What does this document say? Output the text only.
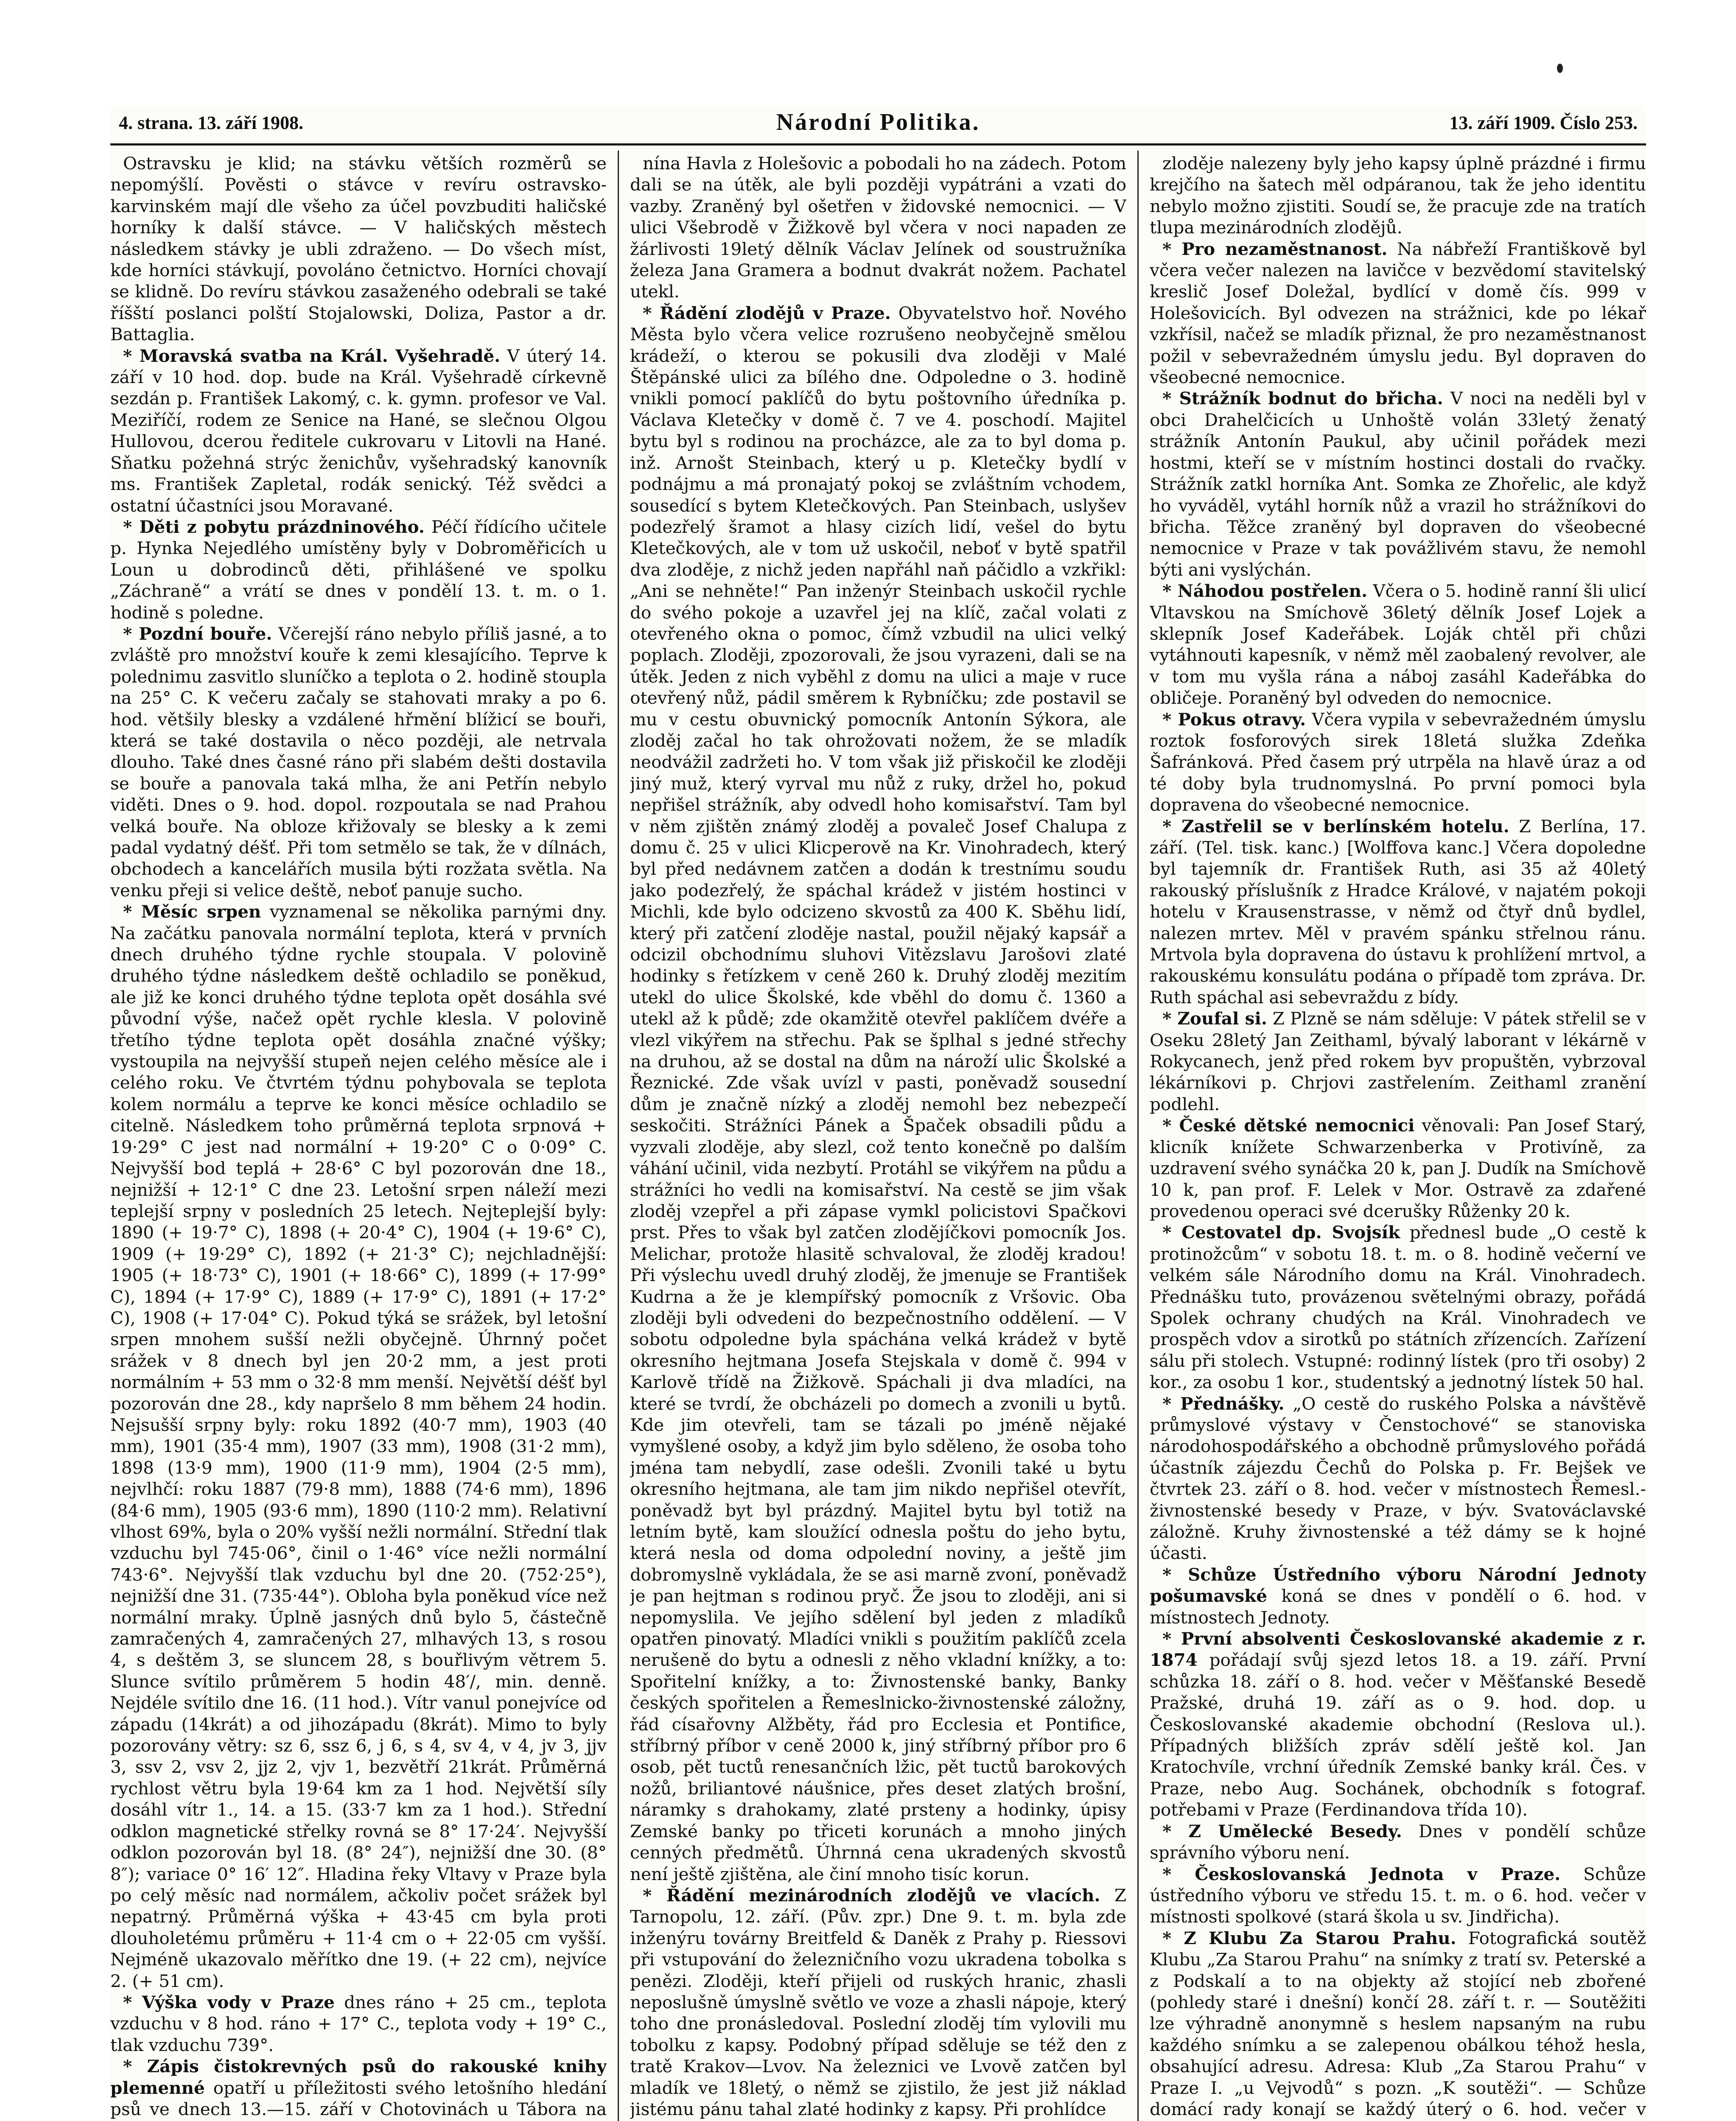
4. strana. 13. září 1908.	Národní Politika.	13. září 1909. Číslo 253.

Ostravsku je klid; na stávku větších rozměrů se nepomýšlí. Pověsti o stávce v revíru ostravsko-karvinském mají dle všeho za účel povzbuditi haličské horníky k další stávce. — V haličských městech následkem stávky je ubli zdraženo. — Do všech míst, kde horníci stávkují, povoláno četnictvo. Horníci chovají se klidně. Do revíru stávkou zasaženého odebrali se také říšští poslanci polští Stojalowski, Doliza, Pastor a dr. Battaglia.

* Moravská svatba na Král. Vyšehradě. V úterý 14. září v 10 hod. dop. bude na Král. Vyšehradě církevně sezdán p. František Lakomý, c. k. gymn. profesor ve Val. Meziříčí, rodem ze Senice na Hané, se slečnou Olgou Hullovou, dcerou ředitele cukrovaru v Litovli na Hané. Sňatku požehná strýc ženichův, vyšehradský kanovník ms. František Zapletal, rodák senický. Též svědci a ostatní účastníci jsou Moravané.

* Děti z pobytu prázdninového. Péčí řídícího učitele p. Hynka Nejedlého umístěny byly v Dobroměřicích u Loun u dobrodinců děti, přihlášené ve spolku „Záchraně“ a vrátí se dnes v pondělí 13. t. m. o 1. hodině s poledne.

* Pozdní bouře. Včerejší ráno nebylo příliš jasné, a to zvláště pro množství kouře k zemi klesajícího. Teprve k polednimu zasvitlo sluníčko a teplota o 2. hodině stoupla na 25° C. K večeru začaly se stahovati mraky a po 6. hod. většily blesky a vzdálené hřmění blížicí se bouři, která se také dostavila o něco později, ale netrvala dlouho. Také dnes časné ráno při slabém dešti dostavila se bouře a panovala taká mlha, že ani Petřín nebylo viděti. Dnes o 9. hod. dopol. rozpoutala se nad Prahou velká bouře. Na obloze křižovaly se blesky a k zemi padal vydatný déšť. Při tom setmělo se tak, že v dílnách, obchodech a kancelářích musila býti rozžata světla. Na venku přeji si velice deště, neboť panuje sucho.

* Měsíc srpen vyznamenal se několika parnými dny. Na začátku panovala normální teplota, která v prvních dnech druhého týdne rychle stoupala. V polovině druhého týdne následkem deště ochladilo se poněkud, ale již ke konci druhého týdne teplota opět dosáhla své původní výše, načež opět rychle klesla. V polovině třetího týdne teplota opět dosáhla značné výšky; vystoupila na nejvyšší stupeň nejen celého měsíce ale i celého roku. Ve čtvrtém týdnu pohybovala se teplota kolem normálu a teprve ke konci měsíce ochladilo se citelně. Následkem toho průměrná teplota srpnová + 19·29° C jest nad normální + 19·20° C o 0·09° C. Nejvyšší bod teplá + 28·6° C byl pozorován dne 18., nejnižší + 12·1° C dne 23. Letošní srpen náleží mezi teplejší srpny v posledních 25 letech. Nejteplejší byly: 1890 (+ 19·7° C), 1898 (+ 20·4° C), 1904 (+ 19·6° C), 1909 (+ 19·29° C), 1892 (+ 21·3° C); nejchladnější: 1905 (+ 18·73° C), 1901 (+ 18·66° C), 1899 (+ 17·99° C), 1894 (+ 17·9° C), 1889 (+ 17·9° C), 1891 (+ 17·2° C), 1908 (+ 17·04° C). Pokud týká se srážek, byl letošní srpen mnohem sušší nežli obyčejně. Úhrnný počet srážek v 8 dnech byl jen 20·2 mm, a jest proti normálním + 53 mm o 32·8 mm menší. Největší déšť byl pozorován dne 28., kdy napršelo 8 mm během 24 hodin. Nejsušší srpny byly: roku 1892 (40·7 mm), 1903 (40 mm), 1901 (35·4 mm), 1907 (33 mm), 1908 (31·2 mm), 1898 (13·9 mm), 1900 (11·9 mm), 1904 (2·5 mm), nejvlhčí: roku 1887 (79·8 mm), 1888 (74·6 mm), 1896 (84·6 mm), 1905 (93·6 mm), 1890 (110·2 mm). Relativní vlhost 69%, byla o 20% vyšší nežli normální. Střední tlak vzduchu byl 745·06°, činil o 1·46° více nežli normální 743·6°. Nejvyšší tlak vzduchu byl dne 20. (752·25°), nejnižší dne 31. (735·44°). Obloha byla poněkud více než normální mraky. Úplně jasných dnů bylo 5, částečně zamračených 4, zamračených 27, mlhavých 13, s rosou 4, s deštěm 3, se sluncem 28, s bouřlivým větrem 5. Slunce svítilo průměrem 5 hodin 48′/, min. denně. Nejdéle svítilo dne 16. (11 hod.). Vítr vanul ponejvíce od západu (14krát) a od jihozápadu (8krát). Mimo to byly pozorovány větry: sz 6, ssz 6, j 6, s 4, sv 4, v 4, jv 3, jjv 3, ssv 2, vsv 2, jjz 2, vjv 1, bezvětří 21krát. Průměrná rychlost větru byla 19·64 km za 1 hod. Největší síly dosáhl vítr 1., 14. a 15. (33·7 km za 1 hod.). Střední odklon magnetické střelky rovná se 8° 17·24′. Nejvyšší odklon pozorován byl 18. (8° 24″), nejnižší dne 30. (8° 8″); variace 0° 16′ 12″. Hladina řeky Vltavy v Praze byla po celý měsíc nad normálem, ačkoliv počet srážek byl nepatrný. Průměrná výška + 43·45 cm byla proti dlouholetému průměru + 11·4 cm o + 22·05 cm vyšší. Nejméně ukazovalo měřítko dne 19. (+ 22 cm), nejvíce 2. (+ 51 cm).

* Výška vody v Praze dnes ráno + 25 cm., teplota vzduchu v 8 hod. ráno + 17° C., teplota vody + 19° C., tlak vzduchu 739°.

* Zápis čistokrevných psů do rakouské knihy plemenné opatří u příležitosti svého letošního hledání psů ve dnech 13.—15. září v Chotovinách u Tábora na

nína Havla z Holešovic a pobodali ho na zádech. Potom dali se na útěk, ale byli později vypátráni a vzati do vazby. Zraněný byl ošetřen v židovské nemocnici. — V ulici Všebrodě v Žižkově byl včera v noci napaden ze žárlivosti 19letý dělník Václav Jelínek od soustružníka železa Jana Gramera a bodnut dvakrát nožem. Pachatel utekl.

* Řádění zlodějů v Praze. Obyvatelstvo hoř. Nového Města bylo včera velice rozrušeno neobyčejně smělou krádeží, o kterou se pokusili dva zloději v Malé Štěpánské ulici za bílého dne. Odpoledne o 3. hodině vnikli pomocí paklíčů do bytu poštovního úředníka p. Václava Kletečky v domě č. 7 ve 4. poschodí. Majitel bytu byl s rodinou na procházce, ale za to byl doma p. inž. Arnošt Steinbach, který u p. Kletečky bydlí v podnájmu a má pronajatý pokoj se zvláštním vchodem, sousedící s bytem Kletečkových. Pan Steinbach, uslyšev podezřelý šramot a hlasy cizích lidí, vešel do bytu Kletečkových, ale v tom už uskočil, neboť v bytě spatřil dva zloděje, z nichž jeden napřáhl naň páčidlo a vzkřikl: „Ani se nehněte!“ Pan inženýr Steinbach uskočil rychle do svého pokoje a uzavřel jej na klíč, začal volati z otevřeného okna o pomoc, čímž vzbudil na ulici velký poplach. Zloději, zpozorovali, že jsou vyrazeni, dali se na útěk. Jeden z nich vyběhl z domu na ulici a maje v ruce otevřený nůž, pádil směrem k Rybníčku; zde postavil se mu v cestu obuvnický pomocník Antonín Sýkora, ale zloděj začal ho tak ohrožovati nožem, že se mladík neodvážil zadržeti ho. V tom však již přiskočil ke zloději jiný muž, který vyrval mu nůž z ruky, držel ho, pokud nepřišel strážník, aby odvedl hoho komisařství. Tam byl v něm zjištěn známý zloděj a povaleč Josef Chalupa z domu č. 25 v ulici Klicperově na Kr. Vinohradech, který byl před nedávnem zatčen a dodán k trestnímu soudu jako podezřelý, že spáchal krádež v jistém hostinci v Michli, kde bylo odcizeno skvostů za 400 K. Sběhu lidí, který při zatčení zloděje nastal, použil nějaký kapsář a odcizil obchodnímu sluhovi Vitězslavu Jarošovi zlaté hodinky s řetízkem v ceně 260 k. Druhý zloděj mezitím utekl do ulice Školské, kde vběhl do domu č. 1360 a utekl až k půdě; zde okamžitě otevřel paklíčem dvéře a vlezl vikýřem na střechu. Pak se šplhal s jedné střechy na druhou, až se dostal na dům na nároží ulic Školské a Řeznické. Zde však uvízl v pasti, poněvadž sousední dům je značně nízký a zloděj nemohl bez nebezpečí seskočiti. Strážníci Pánek a Špaček obsadili půdu a vyzvali zloděje, aby slezl, což tento konečně po dalším váhání učinil, vida nezbytí. Protáhl se vikýřem na půdu a strážníci ho vedli na komisařství. Na cestě se jim však zloděj vzepřel a při zápase vymkl policistovi Spačkovi prst. Přes to však byl zatčen zlodějíčkovi pomocník Jos. Melichar, protože hlasitě schvaloval, že zloděj kradou! Při výslechu uvedl druhý zloděj, že jmenuje se František Kudrna a že je klempířský pomocník z Vršovic. Oba zloději byli odvedeni do bezpečnostního oddělení. — V sobotu odpoledne byla spáchána velká krádež v bytě okresního hejtmana Josefa Stejskala v domě č. 994 v Karlově třídě na Žižkově. Spáchali ji dva mladíci, na které se tvrdí, že obcházeli po domech a zvonili u bytů. Kde jim otevřeli, tam se tázali po jméně nějaké vymyšlené osoby, a když jim bylo sděleno, že osoba toho jména tam nebydlí, zase odešli. Zvonili také u bytu okresního hejtmana, ale tam jim nikdo nepřišel otevřít, poněvadž byt byl prázdný. Majitel bytu byl totiž na letním bytě, kam sloužící odnesla poštu do jeho bytu, která nesla od doma odpolední noviny, a ještě jim dobromyslně vykládala, že se asi marně zvoní, poněvadž je pan hejtman s rodinou pryč. Že jsou to zloději, ani si nepomyslila. Ve jejího sdělení byl jeden z mladíků opatřen pinovatý. Mladíci vnikli s použitím paklíčů zcela nerušeně do bytu a odnesli z něho vkladní knížky, a to: Spořitelní knížky, a to: Živnostenské banky, Banky českých spořitelen a Řemeslnicko-živnostenské záložny, řád císařovny Alžběty, řád pro Ecclesia et Pontifice, stříbrný příbor v ceně 2000 k, jiný stříbrný příbor pro 6 osob, pět tuctů renesančních lžic, pět tuctů barokových nožů, briliantové náušnice, přes deset zlatých brošní, náramky s drahokamy, zlaté prsteny a hodinky, úpisy Zemské banky po třiceti korunách a mnoho jiných cenných předmětů. Úhrnná cena ukradených skvostů není ještě zjištěna, ale činí mnoho tisíc korun.

* Řádění mezinárodních zlodějů ve vlacích. Z Tarnopolu, 12. září. (Pův. zpr.) Dne 9. t. m. byla zde inženýru továrny Breitfeld & Daněk z Prahy p. Riessovi při vstupování do železničního vozu ukradena tobolka s penězi. Zloději, kteří přijeli od ruských hranic, zhasli neposlušně úmyslně světlo ve voze a zhasli nápoje, který toho dne pronásledoval. Poslední zloděj tím vylovili mu tobolku z kapsy. Podobný případ sděluje se též den z tratě Krakov—Lvov. Na železnici ve Lvově zatčen byl mladík ve 18letý, o němž se zjistilo, že jest již náklad jistému pánu tahal zlaté hodinky z kapsy. Při prohlídce

zloděje nalezeny byly jeho kapsy úplně prázdné i firmu krejčího na šatech měl odpáranou, tak že jeho identitu nebylo možno zjistiti. Soudí se, že pracuje zde na tratích tlupa mezinárodních zlodějů.

* Pro nezaměstnanost. Na nábřeží Františkově byl včera večer nalezen na lavičce v bezvědomí stavitelský kreslič Josef Doležal, bydlící v domě čís. 999 v Holešovicích. Byl odvezen na strážnici, kde po lékař vzkřísil, načež se mladík přiznal, že pro nezaměstnanost požil v sebevražedném úmyslu jedu. Byl dopraven do všeobecné nemocnice.

* Strážník bodnut do břicha. V noci na neděli byl v obci Drahelčicích u Unhoště volán 33letý ženatý strážník Antonín Paukul, aby učinil pořádek mezi hostmi, kteří se v místním hostinci dostali do rvačky. Strážník zatkl horníka Ant. Somka ze Zhořelic, ale když ho vyváděl, vytáhl horník nůž a vrazil ho strážníkovi do břicha. Těžce zraněný byl dopraven do všeobecné nemocnice v Praze v tak povážlivém stavu, že nemohl býti ani vyslýchán.

* Náhodou postřelen. Včera o 5. hodině ranní šli ulicí Vltavskou na Smíchově 36letý dělník Josef Lojek a sklepník Josef Kadeřábek. Loják chtěl při chůzi vytáhnouti kapesník, v němž měl zaobalený revolver, ale v tom mu vyšla rána a náboj zasáhl Kadeřábka do obličeje. Poraněný byl odveden do nemocnice.

* Pokus otravy. Včera vypila v sebevražedném úmyslu roztok fosforových sirek 18letá služka Zdeňka Šafránková. Před časem prý utrpěla na hlavě úraz a od té doby byla trudnomyslná. Po první pomoci byla dopravena do všeobecné nemocnice.

* Zastřelil se v berlínském hotelu. Z Berlína, 17. září. (Tel. tisk. kanc.) [Wolffova kanc.] Včera dopoledne byl tajemník dr. František Ruth, asi 35 až 40letý rakouský příslušník z Hradce Králové, v najatém pokoji hotelu v Krausenstrasse, v němž od čtyř dnů bydlel, nalezen mrtev. Měl v pravém spánku střelnou ránu. Mrtvola byla dopravena do ústavu k prohlížení mrtvol, a rakouskému konsulátu podána o případě tom zpráva. Dr. Ruth spáchal asi sebevraždu z bídy.

* Zoufal si. Z Plzně se nám sděluje: V pátek střelil se v Oseku 28letý Jan Zeithaml, bývalý laborant v lékárně v Rokycanech, jenž před rokem byv propuštěn, vybrzoval lékárníkovi p. Chrjovi zastřelením. Zeithaml zranění podlehl.

* České dětské nemocnici věnovali: Pan Josef Starý, klicník knížete Schwarzenberka v Protivíně, za uzdravení svého synáčka 20 k, pan J. Dudík na Smíchově 10 k, pan prof. F. Lelek v Mor. Ostravě za zdařené provedenou operaci své dcerušky Růženky 20 k.

* Cestovatel dp. Svojsík přednesl bude „O cestě k protinožcům“ v sobotu 18. t. m. o 8. hodině večerní ve velkém sále Národního domu na Král. Vinohradech. Přednášku tuto, provázenou světelnými obrazy, pořádá Spolek ochrany chudých na Král. Vinohradech ve prospěch vdov a sirotků po státních zřízencích. Zařízení sálu při stolech. Vstupné: rodinný lístek (pro tři osoby) 2 kor., za osobu 1 kor., studentský a jednotný lístek 50 hal.

* Přednášky. „O cestě do ruského Polska a návštěvě průmyslové výstavy v Čenstochové“ se stanoviska národohospodářského a obchodně průmyslového pořádá účastník zájezdu Čechů do Polska p. Fr. Bejšek ve čtvrtek 23. září o 8. hod. večer v místnostech Řemesl.-živnostenské besedy v Praze, v býv. Svatováclavské záložně. Kruhy živnostenské a též dámy se k hojné účasti.

* Schůze Ústředního výboru Národní Jednoty pošumavské koná se dnes v pondělí o 6. hod. v místnostech Jednoty.

* První absolventi Českoslovanské akademie z r. 1874 pořádají svůj sjezd letos 18. a 19. září. První schůzka 18. září o 8. hod. večer v Měšťanské Besedě Pražské, druhá 19. září as o 9. hod. dop. u Českoslovanské akademie obchodní (Reslova ul.). Případných bližších zpráv sdělí ještě kol. Jan Kratochvíle, vrchní úředník Zemské banky král. Čes. v Praze, nebo Aug. Sochánek, obchodník s fotograf. potřebami v Praze (Ferdinandova třída 10).

* Z Umělecké Besedy. Dnes v pondělí schůze správního výboru není.

* Českoslovanská Jednota v Praze. Schůze ústředního výboru ve středu 15. t. m. o 6. hod. večer v místnosti spolkové (stará škola u sv. Jindřicha).

* Z Klubu Za Starou Prahu. Fotografická soutěž Klubu „Za Starou Prahu“ na snímky z tratí sv. Peterské a z Podskalí a to na objekty až stojící neb zbořené (pohledy staré i dnešní) končí 28. září t. r. — Soutěžiti lze výhradně anonymně s heslem napsaným na rubu každého snímku a se zalepenou obálkou téhož hesla, obsahující adresu. Adresa: Klub „Za Starou Prahu“ v Praze I. „u Vejvodů“ s pozn. „K soutěži“. — Schůze domácí rady konají se každý úterý o 6. hod. večer v
